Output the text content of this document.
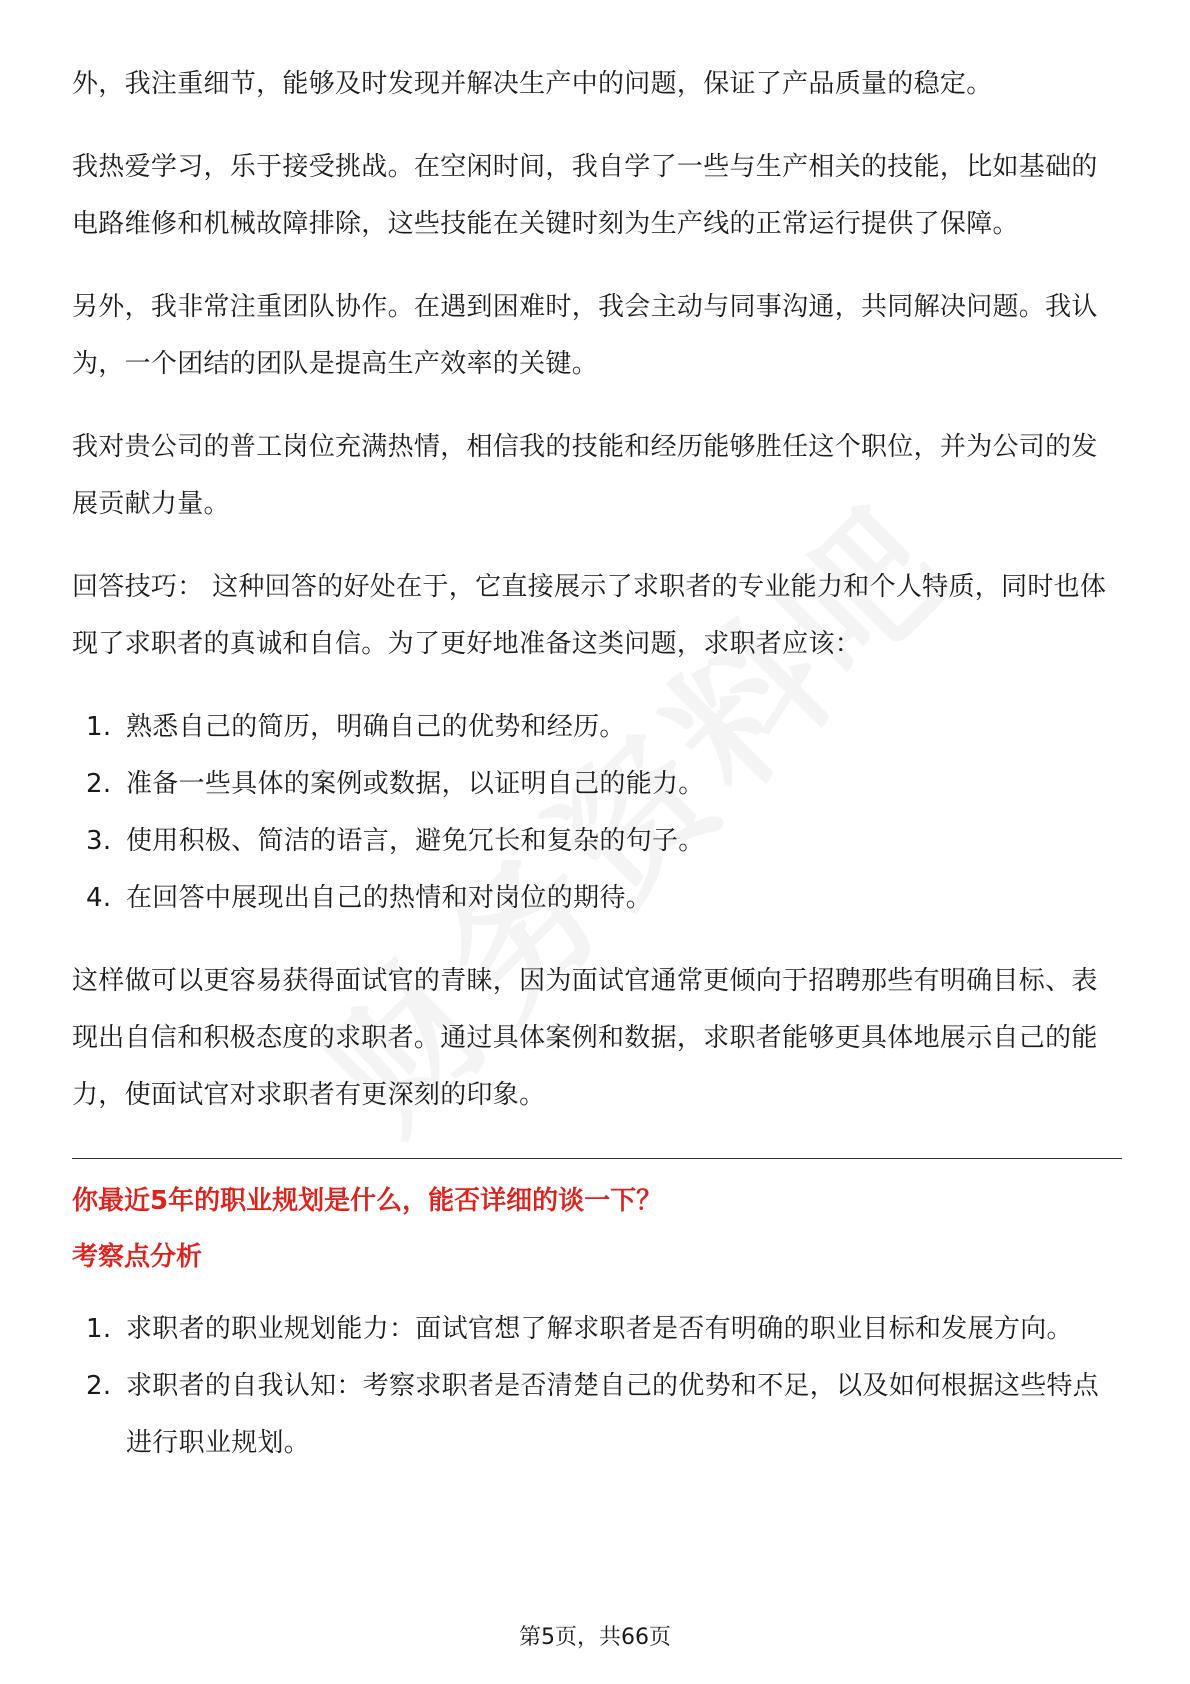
外，我注重细节，能够及时发现并解决生产中的问题，保证了产品质量的稳定。

我热爱学习，乐于接受挑战。在空闲时间，我自学了一些与生产相关的技能，比如基础的电路维修和机械故障排除，这些技能在关键时刻为生产线的正常运行提供了保障。

另外，我非常注重团队协作。在遇到困难时，我会主动与同事沟通，共同解决问题。我认为，一个团结的团队是提高生产效率的关键。

我对贵公司的普工岗位充满热情，相信我的技能和经历能够胜任这个职位，并为公司的发展贡献力量。

回答技巧： 这种回答的好处在于，它直接展示了求职者的专业能力和个人特质，同时也体现了求职者的真诚和自信。为了更好地准备这类问题，求职者应该：

1. 熟悉自己的简历，明确自己的优势和经历。
2. 准备一些具体的案例或数据，以证明自己的能力。
3. 使用积极、简洁的语言，避免冗长和复杂的句子。
4. 在回答中展现出自己的热情和对岗位的期待。

这样做可以更容易获得面试官的青睐，因为面试官通常更倾向于招聘那些有明确目标、表现出自信和积极态度的求职者。通过具体案例和数据，求职者能够更具体地展示自己的能力，使面试官对求职者有更深刻的印象。

你最近5年的职业规划是什么，能否详细的谈一下？

考察点分析

1. 求职者的职业规划能力：面试官想了解求职者是否有明确的职业目标和发展方向。
2. 求职者的自我认知：考察求职者是否清楚自己的优势和不足，以及如何根据这些特点进行职业规划。
第5页，共66页
